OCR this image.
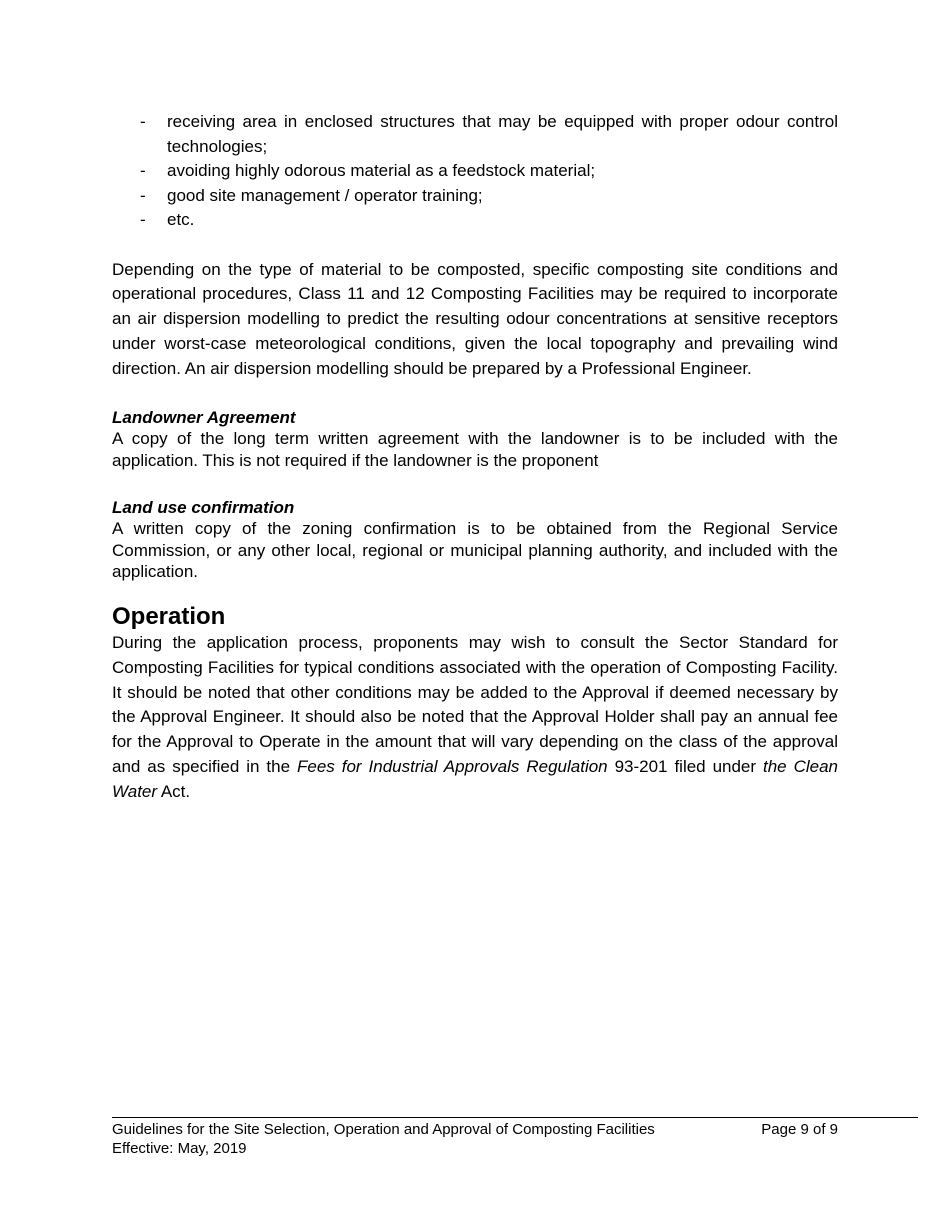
- receiving area in enclosed structures that may be equipped with proper odour control technologies;
- avoiding highly odorous material as a feedstock material;
- good site management / operator training;
- etc.

Depending on the type of material to be composted, specific composting site conditions and operational procedures, Class 11 and 12 Composting Facilities may be required to incorporate an air dispersion modelling to predict the resulting odour concentrations at sensitive receptors under worst-case meteorological conditions, given the local topography and prevailing wind direction. An air dispersion modelling should be prepared by a Professional Engineer.

Landowner Agreement

A copy of the long term written agreement with the landowner is to be included with the application. This is not required if the landowner is the proponent

Land use confirmation

A written copy of the zoning confirmation is to be obtained from the Regional Service Commission, or any other local, regional or municipal planning authority, and included with the application.

Operation

During the application process, proponents may wish to consult the Sector Standard for Composting Facilities for typical conditions associated with the operation of Composting Facility. It should be noted that other conditions may be added to the Approval if deemed necessary by the Approval Engineer. It should also be noted that the Approval Holder shall pay an annual fee for the Approval to Operate in the amount that will vary depending on the class of the approval and as specified in the Fees for Industrial Approvals Regulation 93-201 filed under the Clean Water Act.

Guidelines for the Site Selection, Operation and Approval of Composting Facilities
Effective: May, 2019
Page 9 of 9
